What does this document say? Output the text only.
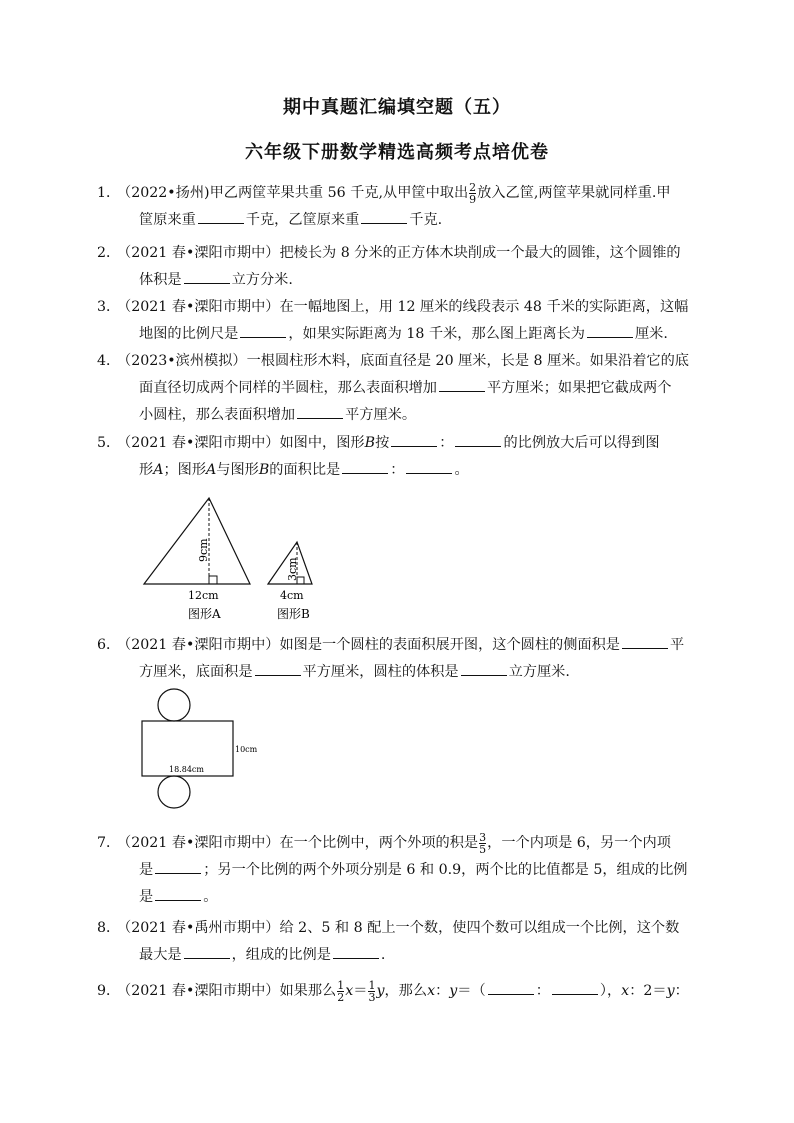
期中真题汇编填空题（五）
六年级下册数学精选高频考点培优卷
1．
（2022•扬州)甲乙两筐苹果共重 56 千克,从甲筐中取出 $\frac{2}{9}$ 放入乙筐,两筐苹果就同样重.甲
筐原来重	千克，乙筐原来重	千克.
2．
（2021 春•溧阳市期中）把棱长为 8 分米的正方体木块削成一个最大的圆锥，这个圆锥的
体积是	立方分米.
3．
（2021 春•溧阳市期中）在一幅地图上，用 12 厘米的线段表示 48 千米的实际距离，这幅
地图的比例尺是	，如果实际距离为 18 千米，那么图上距离长为	厘米.
4．
（2023•滨州模拟）一根圆柱形木料，底面直径是 20 厘米，长是 8 厘米。如果沿着它的底
面直径切成两个同样的半圆柱，那么表面积增加	平方厘米；如果把它截成两个
小圆柱，那么表面积增加	平方厘米。
5．
（2021 春•溧阳市期中）如图中，图形B按	：	的比例放大后可以得到图
形A；图形A与图形B的面积比是	：	。
9cm
12cm
图形A
3cm
4cm
图形B
6．
（2021 春•溧阳市期中）如图是一个圆柱的表面积展开图，这个圆柱的侧面积是	平
方厘米，底面积是	平方厘米，圆柱的体积是	立方厘米.
18.84cm
10cm
7．
（2021 春•溧阳市期中）在一个比例中，两个外项的积是 $\frac{3}{5}$ ，一个内项是 6，另一个内项
是	；另一个比例的两个外项分别是 6 和 0.9，两个比的比值都是 5，组成的比例
是	。
8．
（2021 春•禹州市期中）给 2、5 和 8 配上一个数，使四个数可以组成一个比例，这个数
最大是	，组成的比例是	.
9．
（2021 春•溧阳市期中）如果那么 $\frac{1}{2} x= \frac{1}{3}$ y，那么x：y＝（	：	），x：2＝y：
